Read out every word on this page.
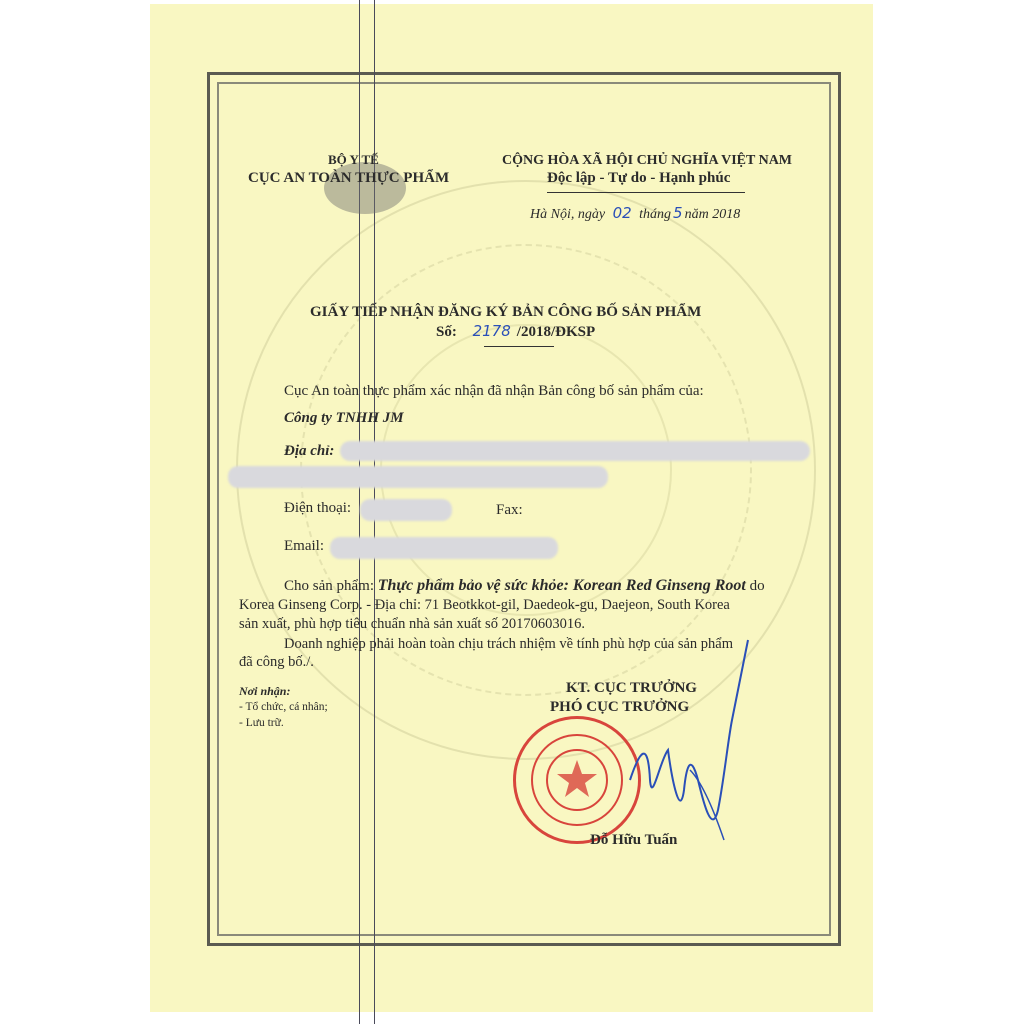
BỘ Y TẾ
CỤC AN TOÀN THỰC PHẨM
CỘNG HÒA XÃ HỘI CHỦ NGHĨA VIỆT NAM
Độc lập - Tự do - Hạnh phúc
Hà Nội, ngày 02 tháng 5 năm 2018
GIẤY TIẾP NHẬN ĐĂNG KÝ BẢN CÔNG BỐ SẢN PHẨM
Số: 2178 /2018/ĐKSP
Cục An toàn thực phẩm xác nhận đã nhận Bản công bố sản phẩm của:
Công ty TNHH JM
Địa chỉ:
Điện thoại:	Fax:
Email:
Cho sản phẩm: Thực phẩm bảo vệ sức khỏe: Korean Red Ginseng Root do
Korea Ginseng Corp. - Địa chỉ: 71 Beotkkot-gil, Daedeok-gu, Daejeon, South Korea
sản xuất, phù hợp tiêu chuẩn nhà sản xuất số 20170603016.
Doanh nghiệp phải hoàn toàn chịu trách nhiệm về tính phù hợp của sản phẩm
đã công bố./.
Nơi nhận:
- Tổ chức, cá nhân;
- Lưu trữ.
KT. CỤC TRƯỞNG
PHÓ CỤC TRƯỞNG
Đỗ Hữu Tuấn
